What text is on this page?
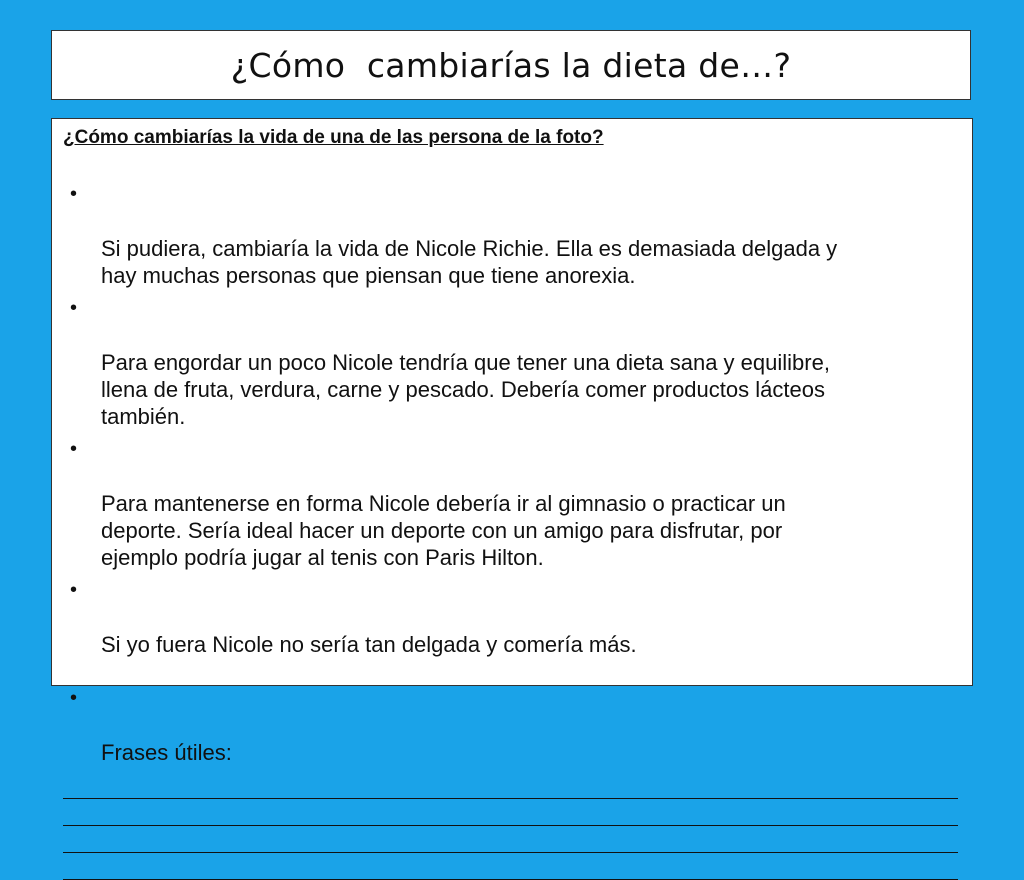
¿Cómo  cambiarías la dieta de…?

¿Cómo cambiarías la vida de una de las persona de la foto?

•

Si pudiera, cambiaría la vida de Nicole Richie. Ella es demasiada delgada y
hay muchas personas que piensan que tiene anorexia.

•

Para engordar un poco Nicole tendría que tener una dieta sana y equilibre,
llena de fruta, verdura, carne y pescado. Debería comer productos lácteos
también.

•

Para mantenerse en forma Nicole debería ir al gimnasio o practicar un
deporte. Sería ideal hacer un deporte con un amigo para disfrutar, por
ejemplo podría jugar al tenis con Paris Hilton.

•

Si yo fuera Nicole no sería tan delgada y comería más.

•

Frases útiles:
